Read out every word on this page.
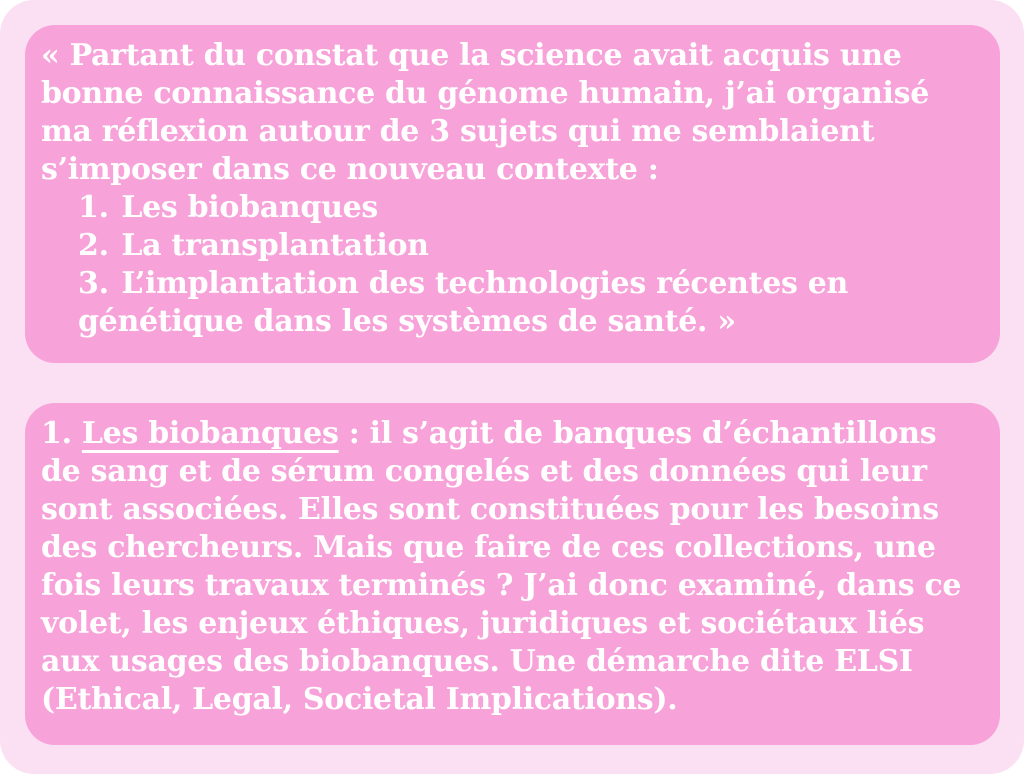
« Partant du constat que la science avait acquis une bonne connaissance du génome humain, j’ai organisé ma réflexion autour de 3 sujets qui me semblaient s’imposer dans ce nouveau contexte :

1. Les biobanques
2. La transplantation
3. L’implantation des technologies récentes en génétique dans les systèmes de santé. »

1. Les biobanques : il s’agit de banques d’échantillons de sang et de sérum congelés et des données qui leur sont associées. Elles sont constituées pour les besoins des chercheurs. Mais que faire de ces collections, une fois leurs travaux terminés ? J’ai donc examiné, dans ce volet, les enjeux éthiques, juridiques et sociétaux liés aux usages des biobanques. Une démarche dite ELSI (Ethical, Legal, Societal Implications).
